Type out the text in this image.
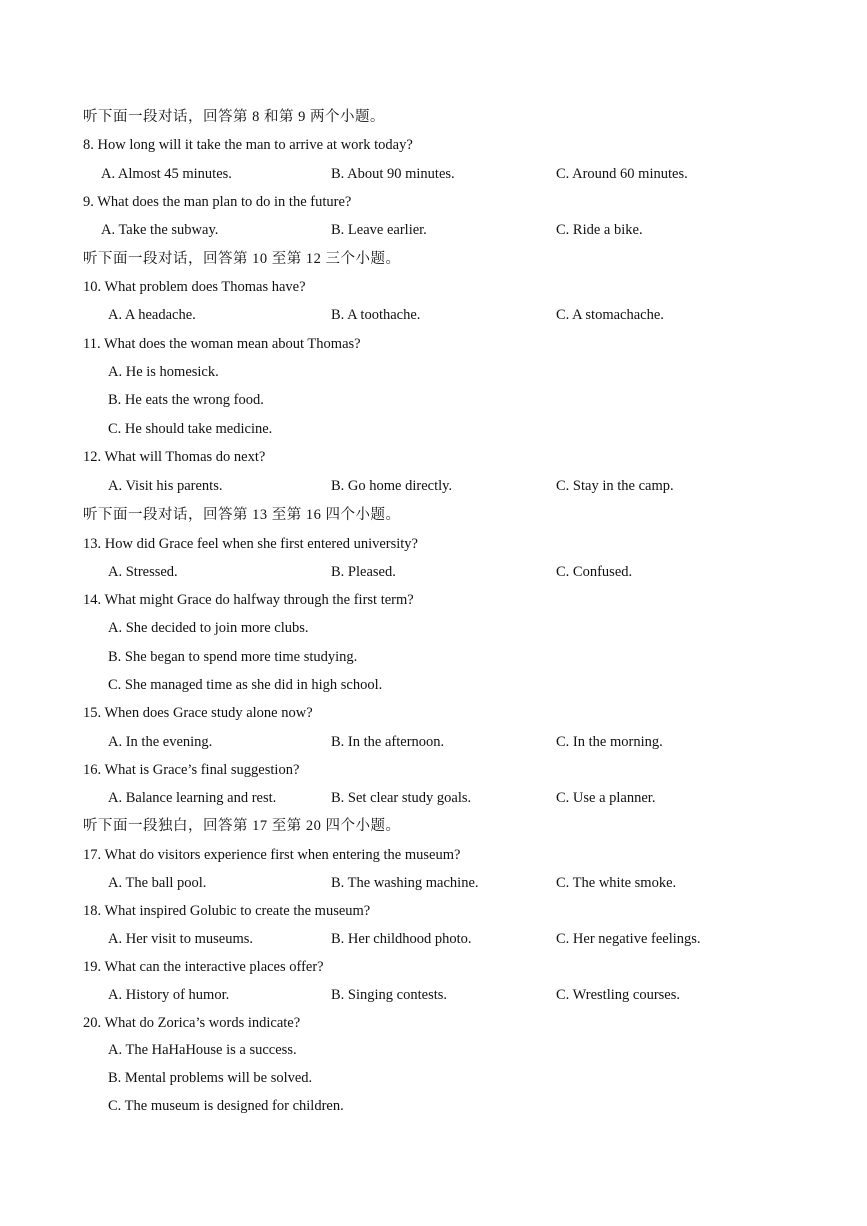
听下面一段对话，回答第 8 和第 9 两个小题。
8. How long will it take the man to arrive at work today?
A. Almost 45 minutes.	B. About 90 minutes.	C. Around 60 minutes.
9. What does the man plan to do in the future?
A. Take the subway.	B. Leave earlier.	C. Ride a bike.
听下面一段对话，回答第 10 至第 12 三个小题。
10. What problem does Thomas have?
A. A headache.	B. A toothache.	C. A stomachache.
11. What does the woman mean about Thomas?
A. He is homesick.
B. He eats the wrong food.
C. He should take medicine.
12. What will Thomas do next?
A. Visit his parents.	B. Go home directly.	C. Stay in the camp.
听下面一段对话，回答第 13 至第 16 四个小题。
13. How did Grace feel when she first entered university?
A. Stressed.	B. Pleased.	C. Confused.
14. What might Grace do halfway through the first term?
A. She decided to join more clubs.
B. She began to spend more time studying.
C. She managed time as she did in high school.
15. When does Grace study alone now?
A. In the evening.	B. In the afternoon.	C. In the morning.
16. What is Grace’s final suggestion?
A. Balance learning and rest.	B. Set clear study goals.	C. Use a planner.
听下面一段独白，回答第 17 至第 20 四个小题。
17. What do visitors experience first when entering the museum?
A. The ball pool.	B. The washing machine.	C. The white smoke.
18. What inspired Golubic to create the museum?
A. Her visit to museums.	B. Her childhood photo.	C. Her negative feelings.
19. What can the interactive places offer?
A. History of humor.	B. Singing contests.	C. Wrestling courses.
20. What do Zorica’s words indicate?
A. The HaHaHouse is a success.
B. Mental problems will be solved.
C. The museum is designed for children.
